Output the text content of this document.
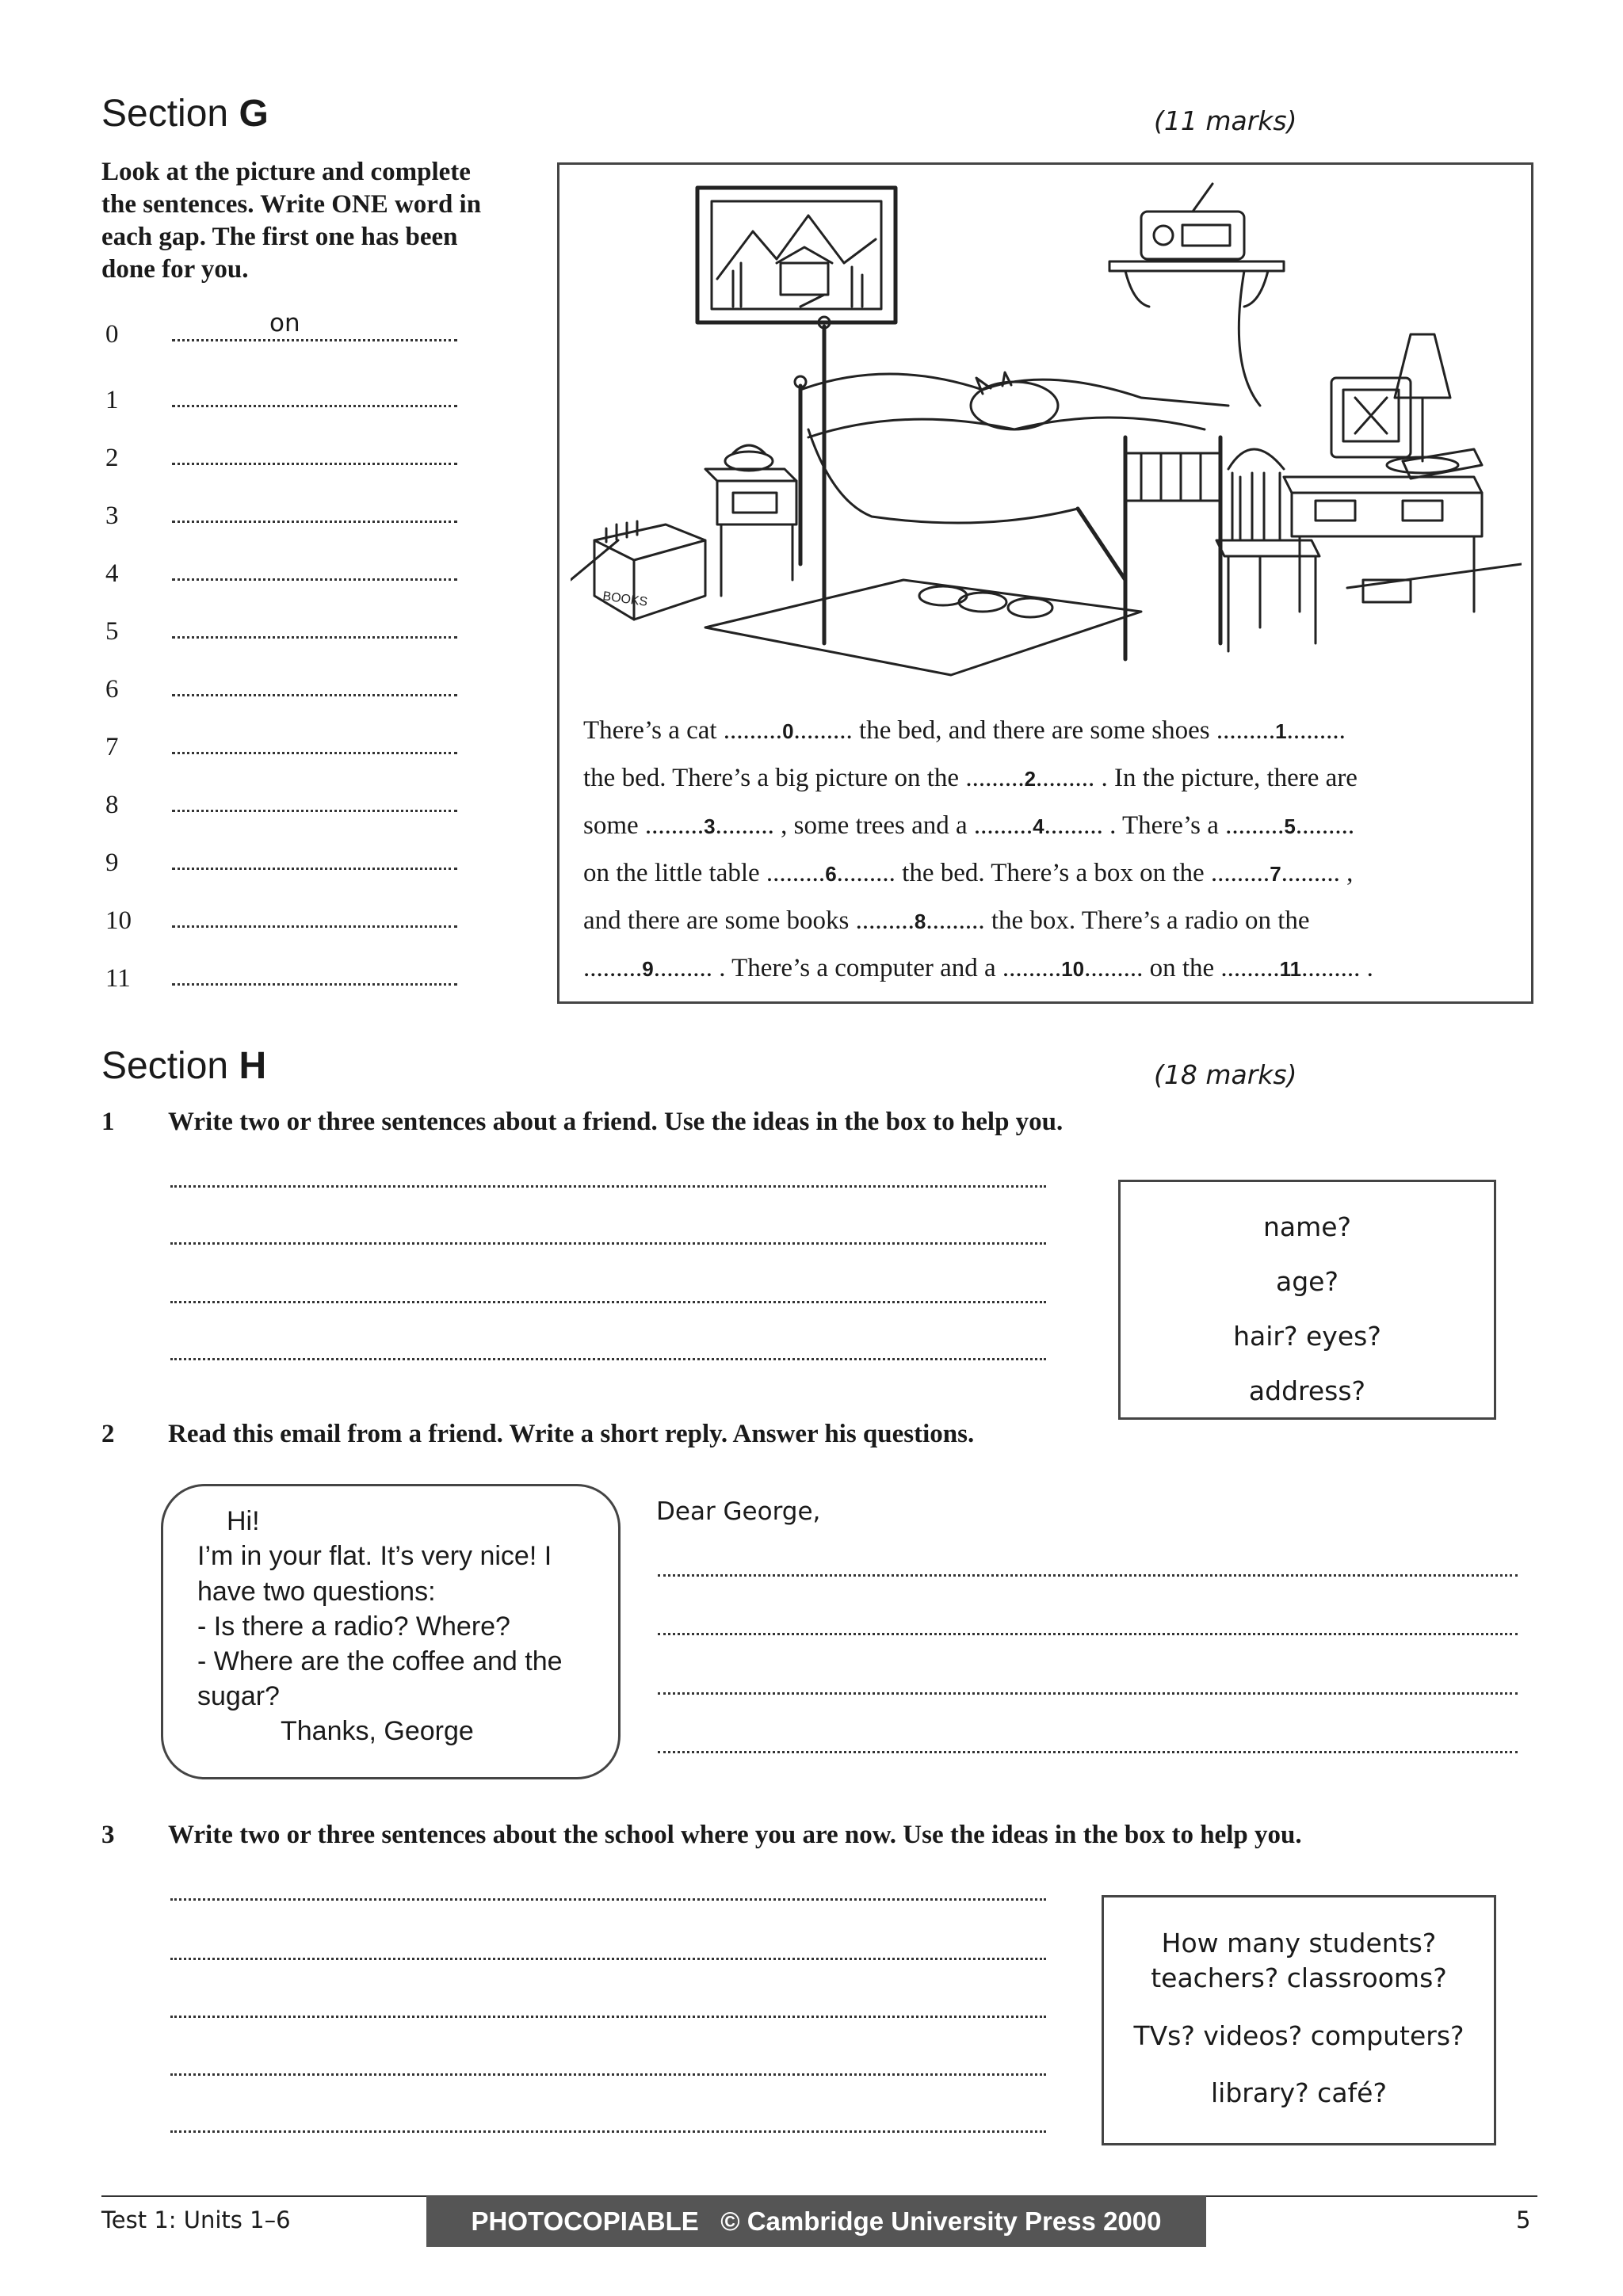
Section G	(11 marks)
Look at the picture and complete
the sentences. Write ONE word in
each gap. The first one has been
done for you.
0	on
1
2
3
4
5
6
7
8
9
10
11
BOOKS
There’s a cat .........0......... the bed, and there are some shoes .........1.........
the bed. There’s a big picture on the .........2......... . In the picture, there are
some .........3......... , some trees and a .........4......... . There’s a .........5.........
on the little table .........6......... the bed. There’s a box on the .........7......... ,
and there are some books .........8......... the box. There’s a radio on the
.........9......... . There’s a computer and a .........10......... on the .........11......... .
Section H	(18 marks)
1 Write two or three sentences about a friend. Use the ideas in the box to help you.
name?
age?
hair? eyes?
address?
2 Read this email from a friend. Write a short reply. Answer his questions.
Hi!
I’m in your flat. It’s very nice! I
have two questions:
- Is there a radio? Where?
- Where are the coffee and the
sugar?
Thanks, George
Dear George,
3 Write two or three sentences about the school where you are now. Use the ideas in the box to help you.
How many students?
teachers? classrooms?
TVs? videos? computers?
library? café?
Test 1: Units 1–6	PHOTOCOPIABLE   © Cambridge University Press 2000	5
